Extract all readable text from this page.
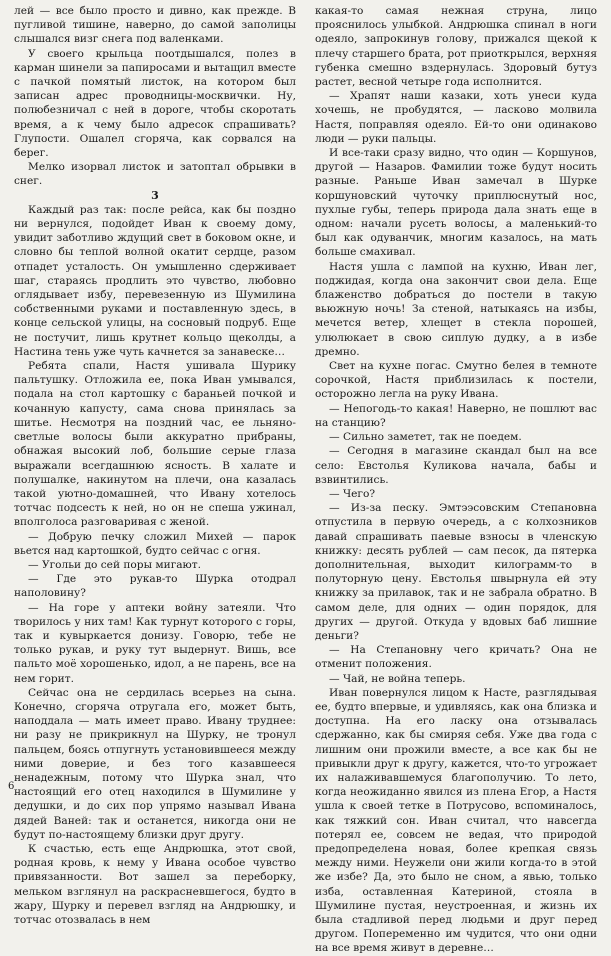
лей — все было просто и дивно, как прежде. В пугливой тишине, наверно, до самой заполицы слышался визг снега под валенками.

У своего крыльца поотдышался, полез в карман шинели за папиросами и вытащил вместе с пачкой помятый листок, на котором был записан адрес проводницы-москвички. Ну, полюбезничал с ней в дороге, чтобы скоротать время, а к чему было адресок спрашивать? Глупости. Ошалел сгоряча, как сорвался на берег.

Мелко изорвал листок и затоптал обрывки в снег.

3

Каждый раз так: после рейса, как бы поздно ни вернулся, подойдет Иван к своему дому, увидит заботливо ждущий свет в боковом окне, и словно бы теплой волной окатит сердце, разом отпадет усталость. Он умышленно сдерживает шаг, стараясь продлить это чувство, любовно оглядывает избу, перевезенную из Шумилина собственными руками и поставленную здесь, в конце сельской улицы, на сосновый подруб. Еще не постучит, лишь крутнет кольцо щеколды, а Настина тень уже чуть качнется за занавеске…

Ребята спали, Настя ушивала Шурику пальтушку. Отложила ее, пока Иван умывался, подала на стол картошку с бараньей почкой и кочанную капусту, сама снова принялась за шитье. Несмотря на поздний час, ее льняно-светлые волосы были аккуратно прибраны, обнажая высокий лоб, большие серые глаза выражали всегдашнюю ясность. В халате и полушалке, накинутом на плечи, она казалась такой уютно-домашней, что Ивану хотелось тотчас подсесть к ней, но он не спеша ужинал, вполголоса разговаривая с женой.

— Добрую печку сложил Михей — парок вьется над картошкой, будто сейчас с огня.

— Угольи до сей поры мигают.

— Где это рукав-то Шурка отодрал наполовину?

— На горе у аптеки войну затеяли. Что творилось у них там! Как турнут которого с горы, так и кувыркается донизу. Говорю, тебе не только рукав, и руку тут выдернут. Вишь, все пальто моё хорошенько, идол, а не парень, все на нем горит.

Сейчас она не сердилась всерьез на сына. Конечно, сгоряча отругала его, может быть, наподдала — мать имеет право. Ивану труднее: ни разу не прикрикнул на Шурку, не тронул пальцем, боясь отпугнуть установившееся между ними доверие, и без того казавшееся ненадежным, потому что Шурка знал, что настоящий его отец находился в Шумилине у дедушки, и до сих пор упрямо называл Ивана дядей Ваней: так и останется, никогда они не будут по-настоящему близки друг другу.

К счастью, есть еще Андрюшка, этот свой, родная кровь, к нему у Ивана особое чувство привязанности. Вот зашел за переборку, мельком взглянул на раскрасневшегося, будто в жару, Шурку и перевел взгляд на Андрюшку, и тотчас отозвалась в нем

какая-то самая нежная струна, лицо прояснилось улыбкой. Андрюшка спинал в ноги одеяло, запрокинув голову, прижался щекой к плечу старшего брата, рот приоткрылся, верхняя губенка смешно вздернулась. Здоровый бутуз растет, весной четыре года исполнится.

— Храпят наши казаки, хоть унеси куда хочешь, не пробудятся, — ласково молвила Настя, поправляя одеяло. Ей-то они одинаково люди — руки пальцы.

И все-таки сразу видно, что один — Коршунов, другой — Назаров. Фамилии тоже будут носить разные. Раньше Иван замечал в Шурке коршуновский чуточку приплюснутый нос, пухлые губы, теперь природа дала знать еще в одном: начали русеть волосы, а маленький-то был как одуванчик, многим казалось, на мать больше смахивал.

Настя ушла с лампой на кухню, Иван лег, поджидая, когда она закончит свои дела. Еще блаженство добраться до постели в такую вьюжную ночь! За стеной, натыкаясь на избы, мечется ветер, хлещет в стекла порошей, улюлюкает в свою сиплую дудку, а в избе дремно.

Свет на кухне погас. Смутно белея в темноте сорочкой, Настя приблизилась к постели, осторожно легла на руку Ивана.

— Непогодь-то какая! Наверно, не пошлют вас на станцию?

— Сильно заметет, так не поедем.

— Сегодня в магазине скандал был на все село: Евстолья Куликова начала, бабы и взвинтились.

— Чего?

— Из-за песку. Эмтээсовским Степановна отпустила в первую очередь, а с колхозников давай спрашивать паевые взносы в членскую книжку: десять рублей — сам песок, да пятерка дополнительная, выходит килограмм-то в полуторную цену. Евстолья швырнула ей эту книжку за прилавок, так и не забрала обратно. В самом деле, для одних — один порядок, для других — другой. Откуда у вдовых баб лишние деньги?

— На Степановну чего кричать? Она не отменит положения.

— Чай, не война теперь.

Иван повернулся лицом к Насте, разглядывая ее, будто впервые, и удивляясь, как она близка и доступна. На его ласку она отзывалась сдержанно, как бы смиряя себя. Уже два года с лишним они прожили вместе, а все как бы не привыкли друг к другу, кажется, что-то угрожает их налаживавшемуся благополучию. То лето, когда неожиданно явился из плена Егор, а Настя ушла к своей тетке в Потрусово, вспоминалось, как тяжкий сон. Иван считал, что навсегда потерял ее, совсем не ведая, что природой предопределена новая, более крепкая связь между ними. Неужели они жили когда-то в этой же избе? Да, это было не сном, а явью, только изба, оставленная Катериной, стояла в Шумилине пустая, неустроенная, и жизнь их была стадливой перед людьми и друг перед другом. Попеременно им чудится, что они одни на все время живут в деревне…

6
